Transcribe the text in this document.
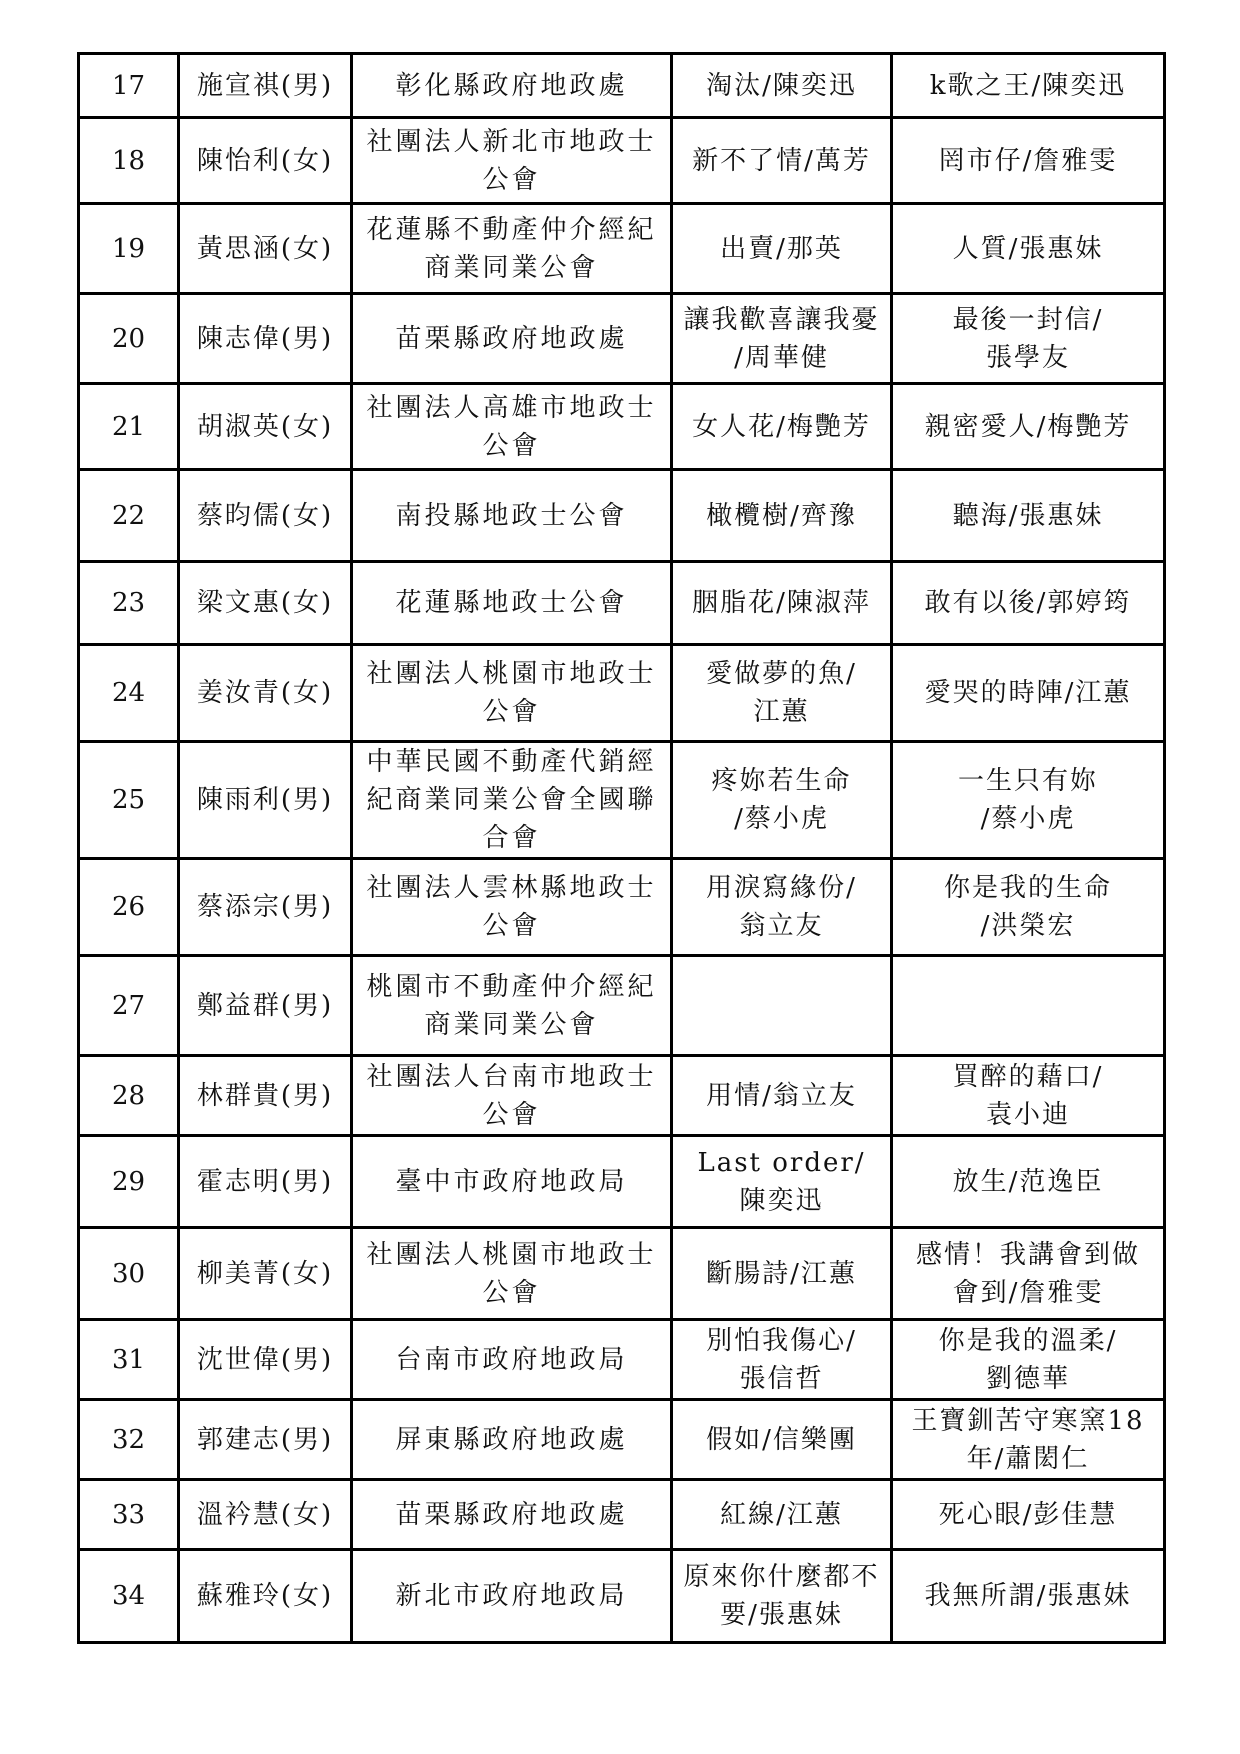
17	施宣祺(男)	彰化縣政府地政處	淘汰/陳奕迅	k歌之王/陳奕迅

18	陳怡利(女)	社團法人新北市地政士
公會	新不了情/萬芳	罔市仔/詹雅雯

19	黃思涵(女)	花蓮縣不動產仲介經紀
商業同業公會	出賣/那英	人質/張惠妹

20	陳志偉(男)	苗栗縣政府地政處	讓我歡喜讓我憂
/周華健	最後一封信/
張學友

21	胡淑英(女)	社團法人高雄市地政士
公會	女人花/梅艷芳	親密愛人/梅艷芳

22	蔡昀儒(女)	南投縣地政士公會	橄欖樹/齊豫	聽海/張惠妹

23	梁文惠(女)	花蓮縣地政士公會	胭脂花/陳淑萍	敢有以後/郭婷筠

24	姜汝青(女)	社團法人桃園市地政士
公會	愛做夢的魚/
江蕙	愛哭的時陣/江蕙

25	陳雨利(男)	中華民國不動產代銷經
紀商業同業公會全國聯
合會	疼妳若生命
/蔡小虎	一生只有妳
/蔡小虎

26	蔡添宗(男)	社團法人雲林縣地政士
公會	用淚寫緣份/
翁立友	你是我的生命
/洪榮宏

27	鄭益群(男)	桃園市不動產仲介經紀
商業同業公會		

28	林群貴(男)	社團法人台南市地政士
公會	用情/翁立友	買醉的藉口/
袁小迪

29	霍志明(男)	臺中市政府地政局	Last order/
陳奕迅	放生/范逸臣

30	柳美菁(女)	社團法人桃園市地政士
公會	斷腸詩/江蕙	感情！我講會到做
會到/詹雅雯

31	沈世偉(男)	台南市政府地政局	別怕我傷心/
張信哲	你是我的溫柔/
劉德華

32	郭建志(男)	屏東縣政府地政處	假如/信樂團	王寶釧苦守寒窯18
年/蕭閎仁

33	溫衿慧(女)	苗栗縣政府地政處	紅線/江蕙	死心眼/彭佳慧

34	蘇雅玲(女)	新北市政府地政局	原來你什麼都不
要/張惠妹	我無所謂/張惠妹
